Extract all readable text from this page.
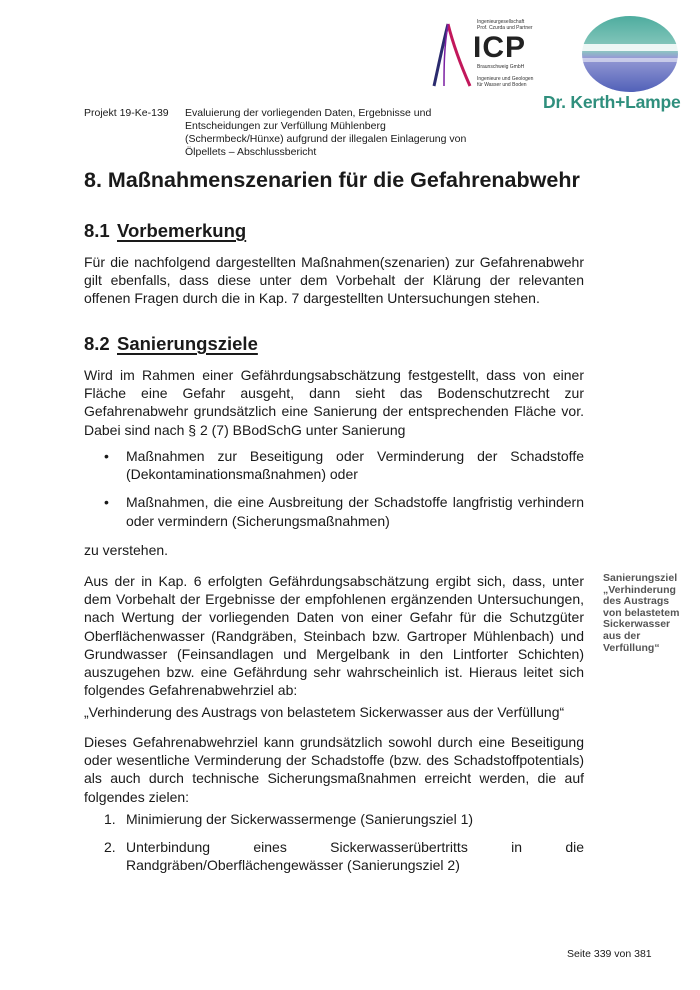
Ingenieurgesellschaft
Prof. Czurda und Partner
ICP
Braunschweig GmbH
Ingenieure und Geologen
für Wasser und Boden
Dr. Kerth+Lampe
Projekt 19-Ke-139 Evaluierung der vorliegenden Daten, Ergebnisse und Entscheidungen zur Verfüllung Mühlenberg (Schermbeck/Hünxe) aufgrund der illegalen Einlagerung von Ölpellets – Abschlussbericht
8. Maßnahmenszenarien für die Gefahrenabwehr
8.1 Vorbemerkung

Für die nachfolgend dargestellten Maßnahmen(szenarien) zur Gefahrenabwehr gilt ebenfalls, dass diese unter dem Vorbehalt der Klärung der relevanten offenen Fragen durch die in Kap. 7 dargestellten Untersuchungen stehen.

8.2 Sanierungsziele

Wird im Rahmen einer Gefährdungsabschätzung festgestellt, dass von einer Fläche eine Gefahr ausgeht, dann sieht das Bodenschutzrecht zur Gefahrenabwehr grundsätzlich eine Sanierung der entsprechenden Fläche vor. Dabei sind nach § 2 (7) BBodSchG unter Sanierung

• Maßnahmen zur Beseitigung oder Verminderung der Schadstoffe (Dekontaminationsmaßnahmen) oder
• Maßnahmen, die eine Ausbreitung der Schadstoffe langfristig verhindern oder vermindern (Sicherungsmaßnahmen)

zu verstehen.

Aus der in Kap. 6 erfolgten Gefährdungsabschätzung ergibt sich, dass, unter dem Vorbehalt der Ergebnisse der empfohlenen ergänzenden Untersuchungen, nach Wertung der vorliegenden Daten von einer Gefahr für die Schutzgüter Oberflächenwasser (Randgräben, Steinbach bzw. Gartroper Mühlenbach) und Grundwasser (Feinsandlagen und Mergelbank in den Lintforter Schichten) auszugehen bzw. eine Gefährdung sehr wahrscheinlich ist. Hieraus leitet sich folgendes Gefahrenabwehrziel ab:

„Verhinderung des Austrags von belastetem Sickerwasser aus der Verfüllung“

Dieses Gefahrenabwehrziel kann grundsätzlich sowohl durch eine Beseitigung oder wesentliche Verminderung der Schadstoffe (bzw. des Schadstoffpotentials) als auch durch technische Sicherungsmaßnahmen erreicht werden, die auf folgendes zielen:

1. Minimierung der Sickerwassermenge (Sanierungsziel 1)
2. Unterbindung eines Sickerwasserübertritts in die Randgräben/Oberflächengewässer (Sanierungsziel 2)
Sanierungsziel „Verhinderung des Austrags von belastetem Sickerwasser aus der Verfüllung“
Seite 339 von 381
